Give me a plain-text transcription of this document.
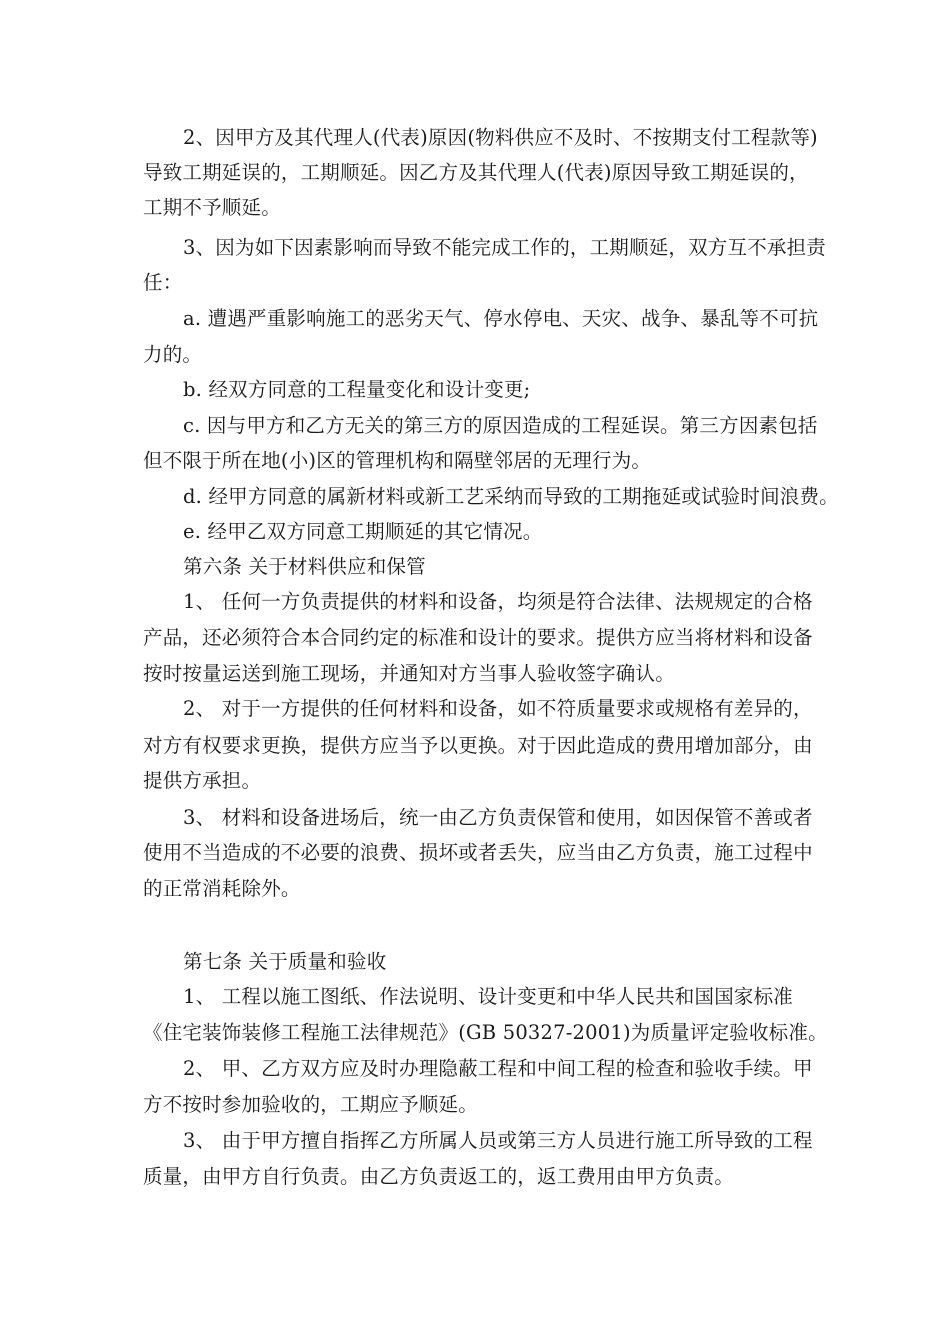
2、因甲方及其代理人(代表)原因(物料供应不及时、不按期支付工程款等)
导致工期延误的，工期顺延。因乙方及其代理人(代表)原因导致工期延误的，
工期不予顺延。
3、因为如下因素影响而导致不能完成工作的，工期顺延，双方互不承担责
任：
a. 遭遇严重影响施工的恶劣天气、停水停电、天灾、战争、暴乱等不可抗
力的。
b. 经双方同意的工程量变化和设计变更;
c. 因与甲方和乙方无关的第三方的原因造成的工程延误。第三方因素包括
但不限于所在地(小)区的管理机构和隔壁邻居的无理行为。
d. 经甲方同意的属新材料或新工艺采纳而导致的工期拖延或试验时间浪费。
e. 经甲乙双方同意工期顺延的其它情况。
第六条 关于材料供应和保管
1、 任何一方负责提供的材料和设备，均须是符合法律、法规规定的合格
产品，还必须符合本合同约定的标准和设计的要求。提供方应当将材料和设备
按时按量运送到施工现场，并通知对方当事人验收签字确认。
2、 对于一方提供的任何材料和设备，如不符质量要求或规格有差异的，
对方有权要求更换，提供方应当予以更换。对于因此造成的费用增加部分，由
提供方承担。
3、 材料和设备进场后，统一由乙方负责保管和使用，如因保管不善或者
使用不当造成的不必要的浪费、损坏或者丢失，应当由乙方负责，施工过程中
的正常消耗除外。
第七条 关于质量和验收
1、 工程以施工图纸、作法说明、设计变更和中华人民共和国国家标准
《住宅装饰装修工程施工法律规范》(GB 50327-2001)为质量评定验收标准。
2、 甲、乙方双方应及时办理隐蔽工程和中间工程的检查和验收手续。甲
方不按时参加验收的，工期应予顺延。
3、 由于甲方擅自指挥乙方所属人员或第三方人员进行施工所导致的工程
质量，由甲方自行负责。由乙方负责返工的，返工费用由甲方负责。
